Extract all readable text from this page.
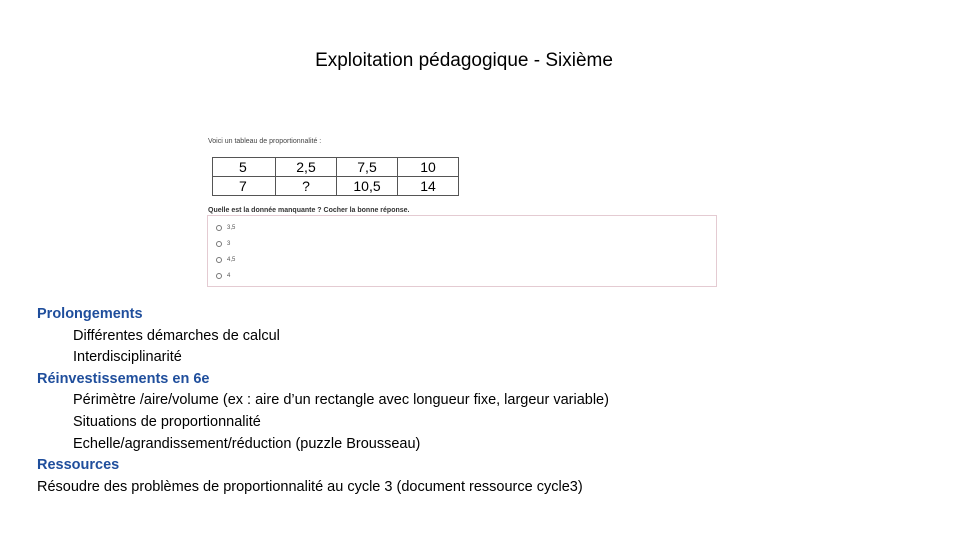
Exploitation pédagogique - Sixième
Voici un tableau de proportionnalité :
5	2,5	7,5	10
7	?	10,5	14
Quelle est la donnée manquante ? Cocher la bonne réponse.
3,5
3
4,5
4
Prolongements
Différentes démarches de calcul
Interdisciplinarité
Réinvestissements en 6e
Périmètre /aire/volume (ex : aire d’un rectangle avec longueur fixe, largeur variable)
Situations de proportionnalité
Echelle/agrandissement/réduction (puzzle Brousseau)
Ressources
Résoudre des problèmes de proportionnalité au cycle 3 (document ressource cycle3)
